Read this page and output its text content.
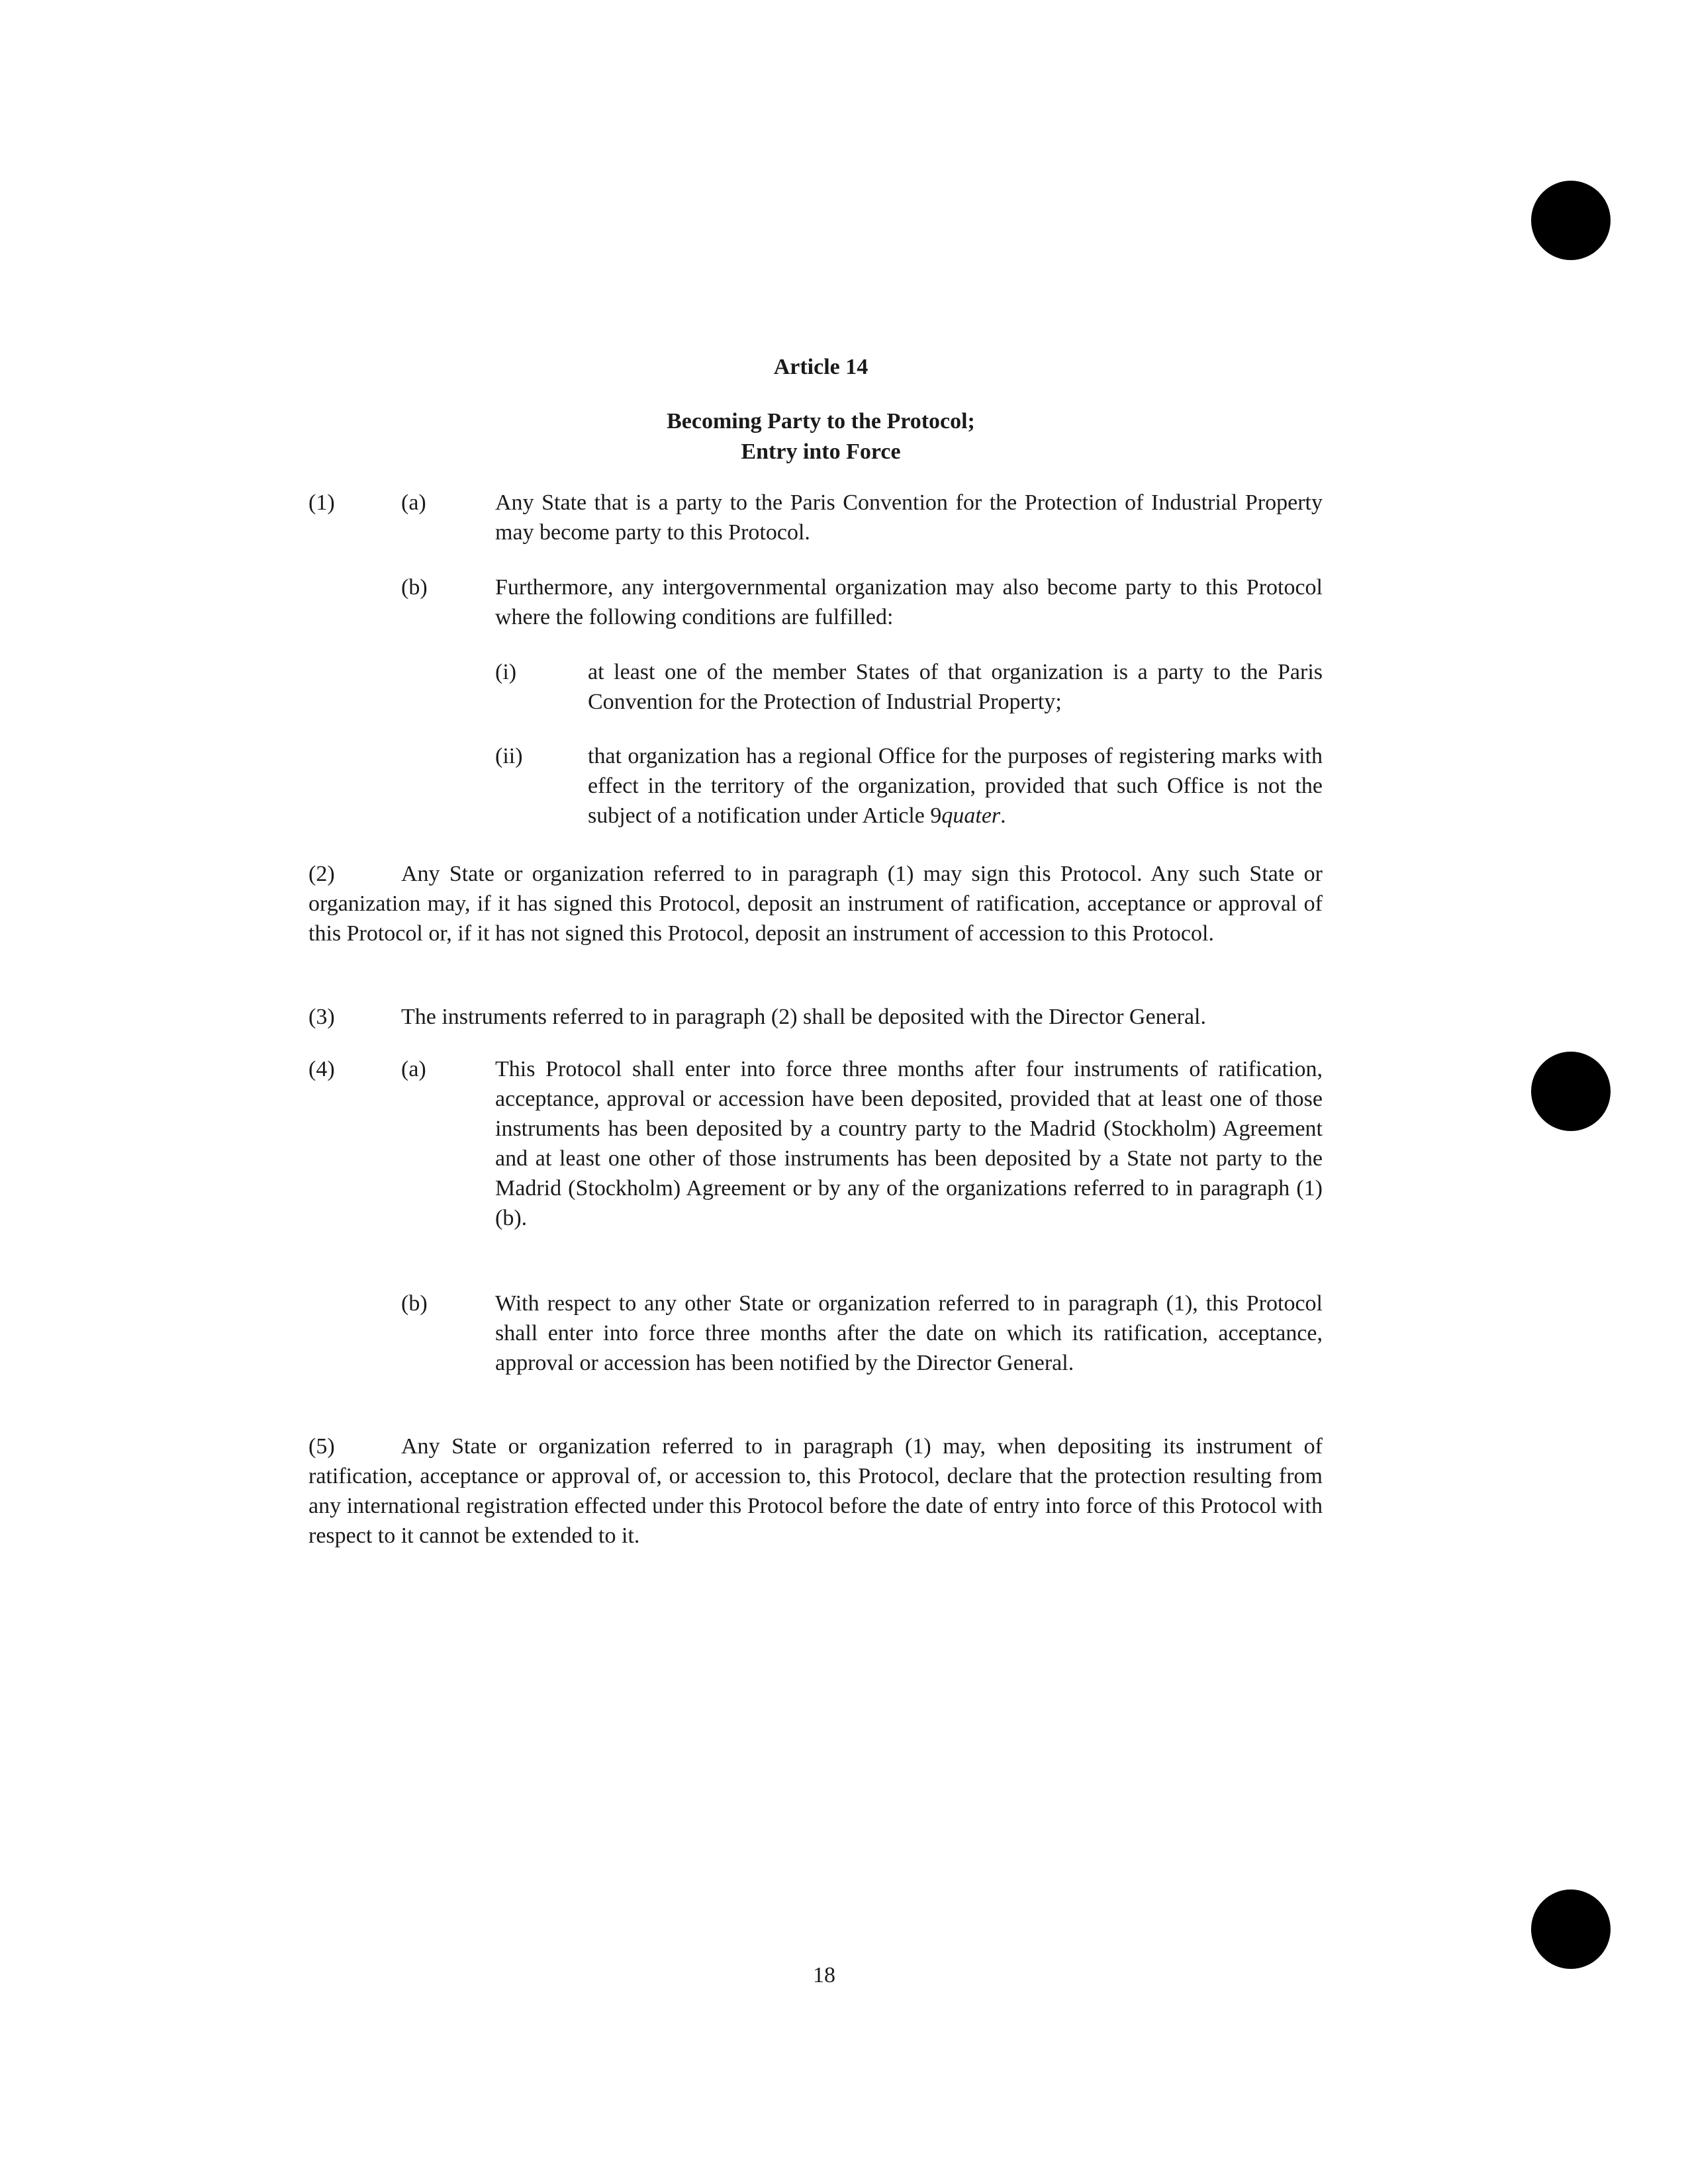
Article 14
Becoming Party to the Protocol;
Entry into Force
(1)	(a)	Any State that is a party to the Paris Convention for the Protection of Industrial Property may become party to this Protocol.

(b)	Furthermore, any intergovernmental organization may also become party to this Protocol where the following conditions are fulfilled:

(i)	at least one of the member States of that organization is a party to the Paris Convention for the Protection of Industrial Property;

(ii)	that organization has a regional Office for the purposes of registering marks with effect in the territory of the organization, provided that such Office is not the subject of a notification under Article 9quater.

(2)	Any State or organization referred to in paragraph (1) may sign this Protocol. Any such State or organization may, if it has signed this Protocol, deposit an instrument of ratification, acceptance or approval of this Protocol or, if it has not signed this Protocol, deposit an instrument of accession to this Protocol.

(3)	The instruments referred to in paragraph (2) shall be deposited with the Director General.

(4)	(a)	This Protocol shall enter into force three months after four instruments of ratification, acceptance, approval or accession have been deposited, provided that at least one of those instruments has been deposited by a country party to the Madrid (Stockholm) Agreement and at least one other of those instruments has been deposited by a State not party to the Madrid (Stockholm) Agreement or by any of the organizations referred to in paragraph (1)(b).

(b)	With respect to any other State or organization referred to in paragraph (1), this Protocol shall enter into force three months after the date on which its ratification, acceptance, approval or accession has been notified by the Director General.

(5)	Any State or organization referred to in paragraph (1) may, when depositing its instrument of ratification, acceptance or approval of, or accession to, this Protocol, declare that the protection resulting from any international registration effected under this Protocol before the date of entry into force of this Protocol with respect to it cannot be extended to it.

18
